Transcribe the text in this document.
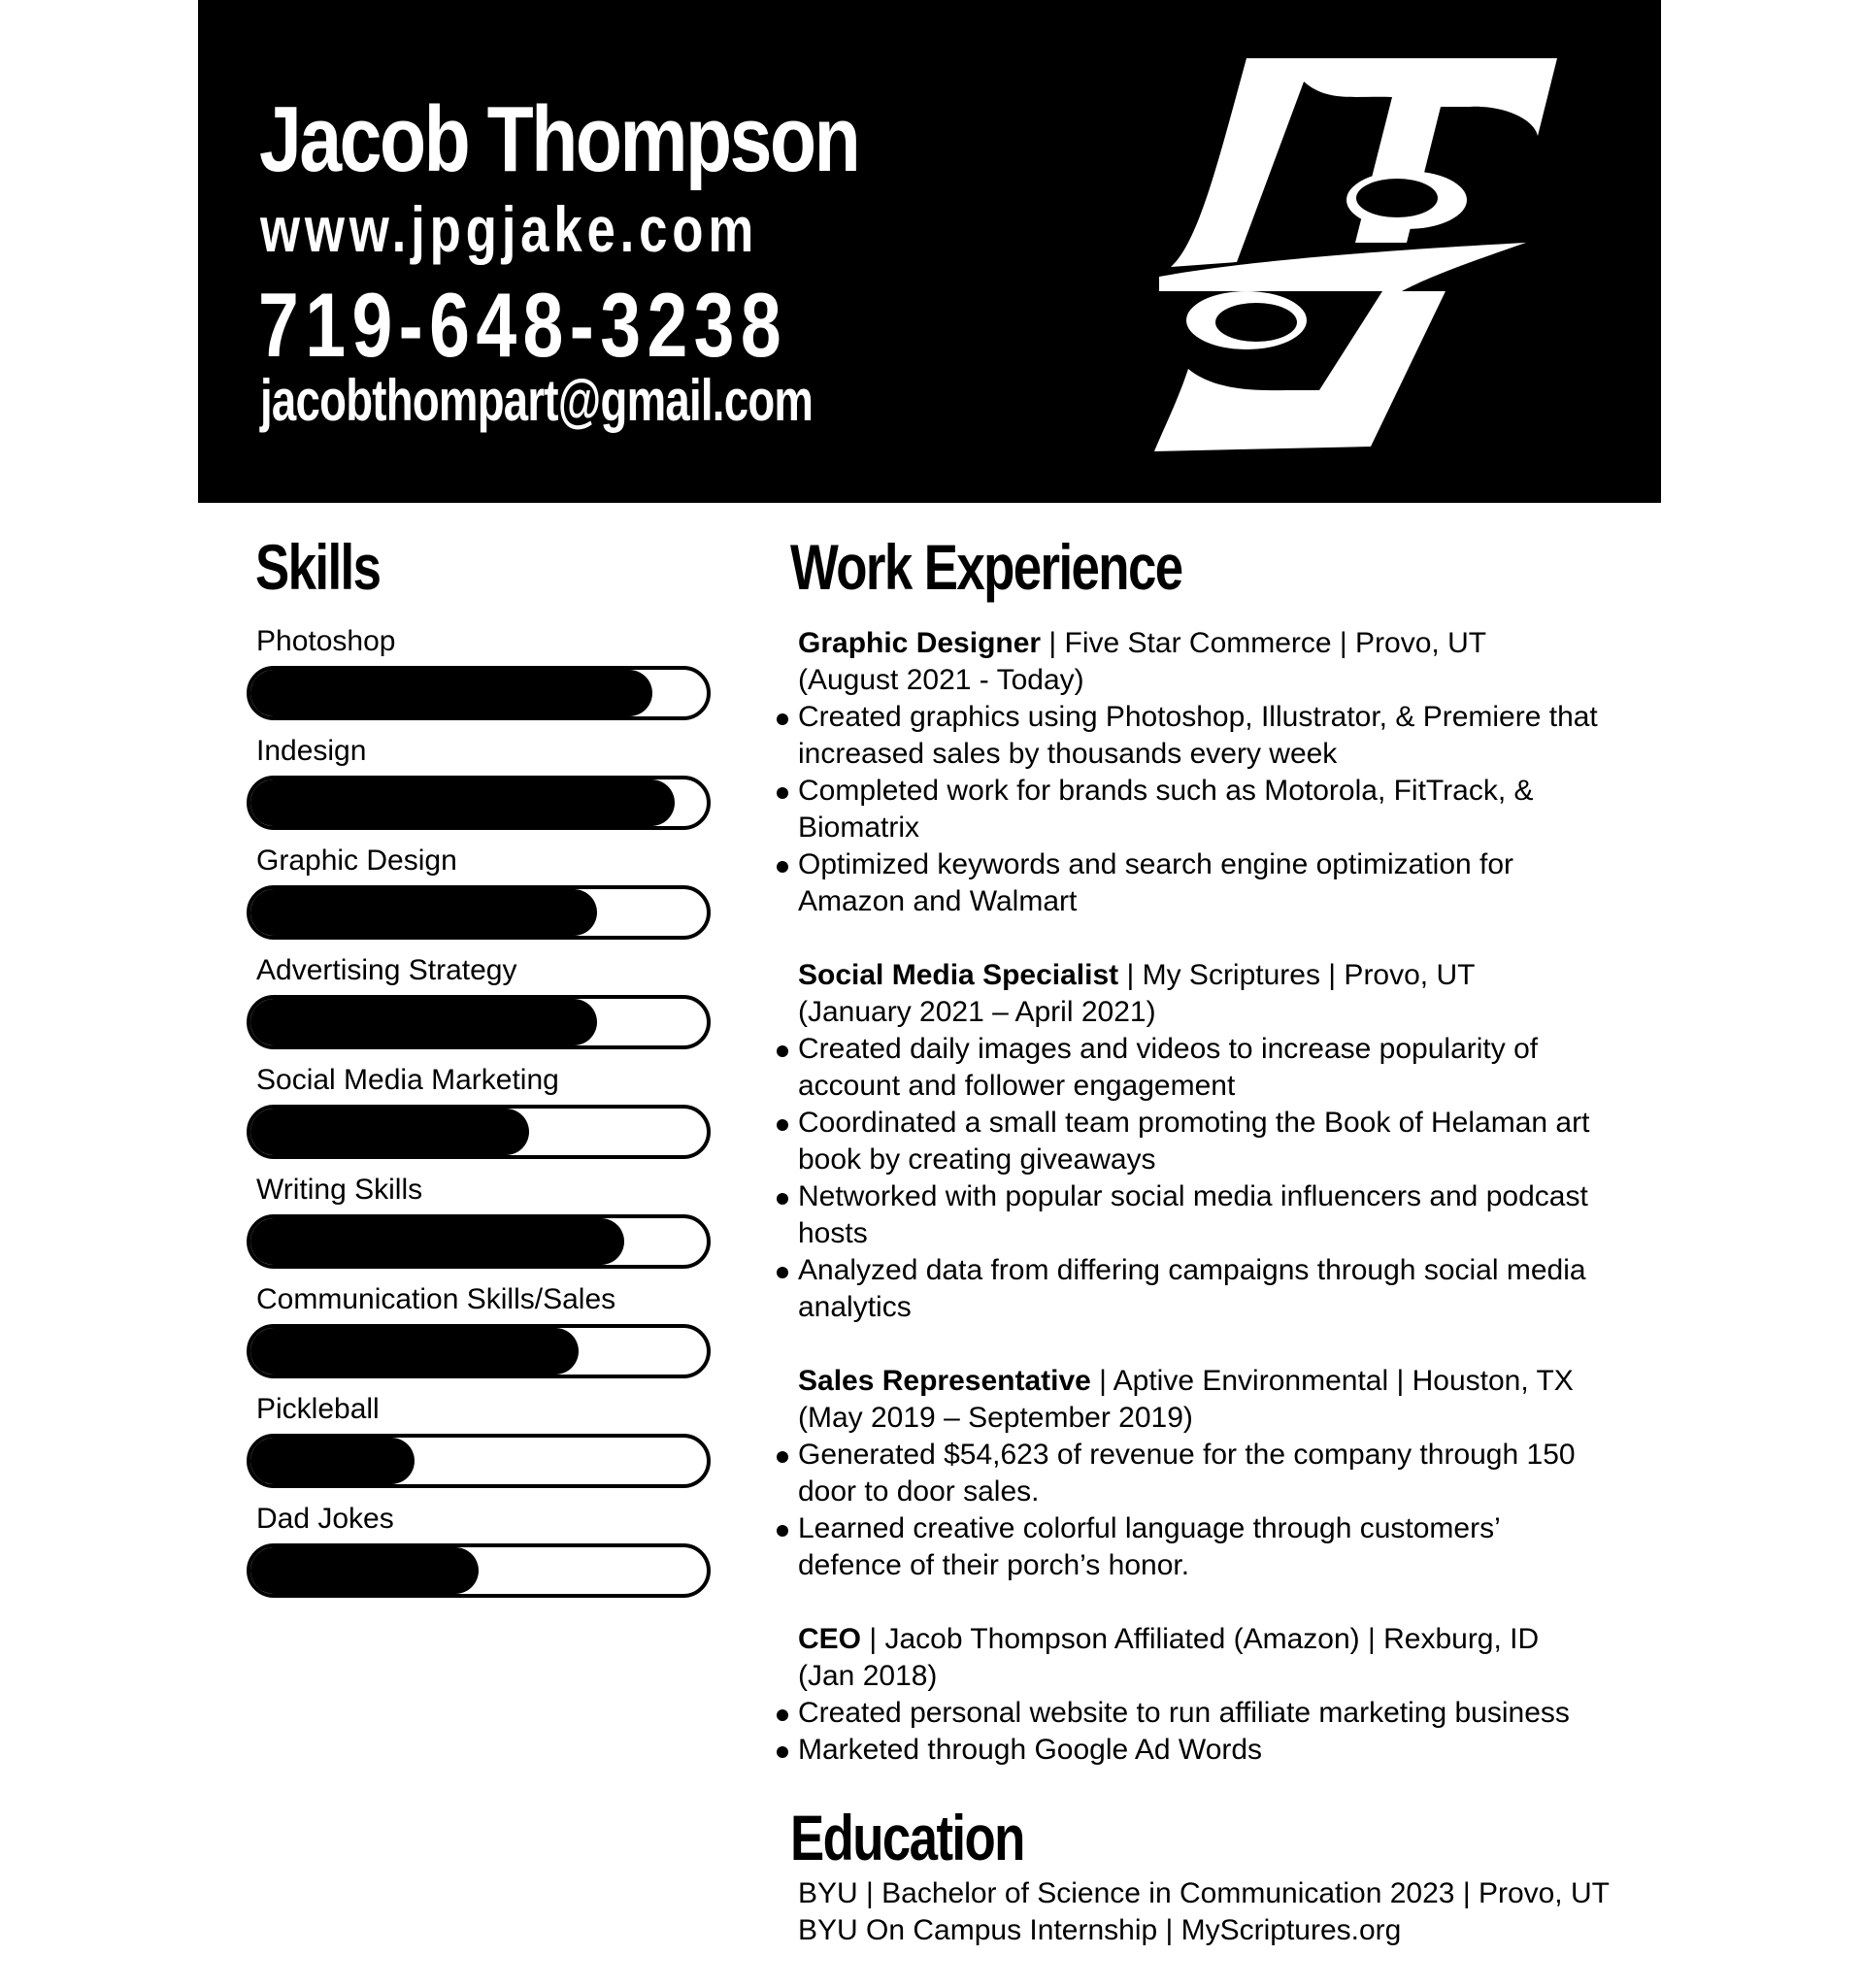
Jacob Thompson
www.jpgjake.com
719-648-3238
jacobthompart@gmail.com
Skills
Photoshop
Indesign
Graphic Design
Advertising Strategy
Social Media Marketing
Writing Skills
Communication Skills/Sales
Pickleball
Dad Jokes
Work Experience
Graphic Designer | Five Star Commerce | Provo, UT
(August 2021 - Today)
Created graphics using Photoshop, Illustrator, & Premiere that increased sales by thousands every week
Completed work for brands such as Motorola, FitTrack, & Biomatrix
Optimized keywords and search engine optimization for Amazon and Walmart
Social Media Specialist | My Scriptures | Provo, UT
(January 2021 – April 2021)
Created daily images and videos to increase popularity of account and follower engagement
Coordinated a small team promoting the Book of Helaman art book by creating giveaways
Networked with popular social media influencers and podcast hosts
Analyzed data from differing campaigns through social media analytics
Sales Representative | Aptive Environmental | Houston, TX
(May 2019 – September 2019)
Generated $54,623 of revenue for the company through 150 door to door sales.
Learned creative colorful language through customers’ defence of their porch’s honor.
CEO | Jacob Thompson Affiliated (Amazon) | Rexburg, ID
(Jan 2018)
Created personal website to run affiliate marketing business
Marketed through Google Ad Words
Education
BYU | Bachelor of Science in Communication 2023 | Provo, UT
BYU On Campus Internship | MyScriptures.org
